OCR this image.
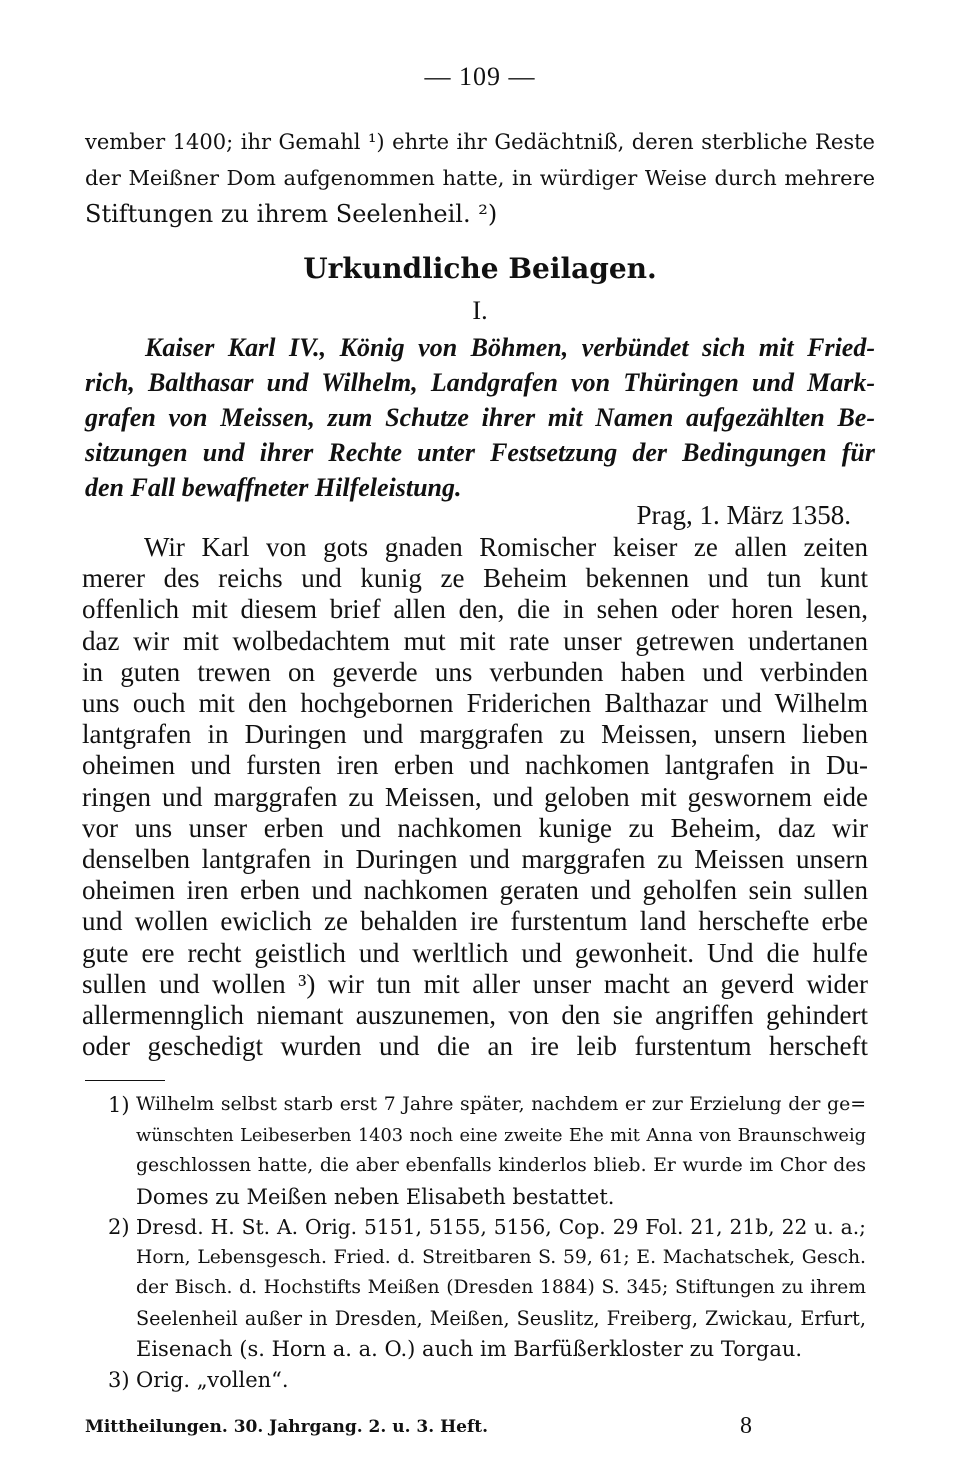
— 109 —
vember 1400; ihr Gemahl ¹) ehrte ihr Gedächtniß, deren sterbliche Reste
der Meißner Dom aufgenommen hatte, in würdiger Weise durch mehrere
Stiftungen zu ihrem Seelenheil. ²)
Urkundliche Beilagen.
I.
Kaiser Karl IV., König von Böhmen, verbündet sich mit Fried-
rich, Balthasar und Wilhelm, Landgrafen von Thüringen und Mark-
grafen von Meissen, zum Schutze ihrer mit Namen aufgezählten Be-
sitzungen und ihrer Rechte unter Festsetzung der Bedingungen für
den Fall bewaffneter Hilfeleistung.
Prag, 1. März 1358.
Wir Karl von gots gnaden Romischer keiser ze allen zeiten
merer des reichs und kunig ze Beheim bekennen und tun kunt
offenlich mit diesem brief allen den, die in sehen oder horen lesen,
daz wir mit wolbedachtem mut mit rate unser getrewen undertanen
in guten trewen on geverde uns verbunden haben und verbinden
uns ouch mit den hochgebornen Friderichen Balthazar und Wilhelm
lantgrafen in Duringen und marggrafen zu Meissen, unsern lieben
oheimen und fursten iren erben und nachkomen lantgrafen in Du-
ringen und marggrafen zu Meissen, und geloben mit geswornem eide
vor uns unser erben und nachkomen kunige zu Beheim, daz wir
denselben lantgrafen in Duringen und marggrafen zu Meissen unsern
oheimen iren erben und nachkomen geraten und geholfen sein sullen
und wollen ewiclich ze behalden ire furstentum land herschefte erbe
gute ere recht geistlich und werltlich und gewonheit. Und die hulfe
sullen und wollen ³) wir tun mit aller unser macht an geverd wider
allermennglich niemant auszunemen, von den sie angriffen gehindert
oder geschedigt wurden und die an ire leib furstentum herscheft
1) Wilhelm selbst starb erst 7 Jahre später, nachdem er zur Erzielung der ge=
wünschten Leibeserben 1403 noch eine zweite Ehe mit Anna von Braunschweig
geschlossen hatte, die aber ebenfalls kinderlos blieb. Er wurde im Chor des
Domes zu Meißen neben Elisabeth bestattet.
2) Dresd. H. St. A. Orig. 5151, 5155, 5156, Cop. 29 Fol. 21, 21b, 22 u. a.;
Horn, Lebensgesch. Fried. d. Streitbaren S. 59, 61; E. Machatschek, Gesch.
der Bisch. d. Hochstifts Meißen (Dresden 1884) S. 345; Stiftungen zu ihrem
Seelenheil außer in Dresden, Meißen, Seuslitz, Freiberg, Zwickau, Erfurt,
Eisenach (s. Horn a. a. O.) auch im Barfüßerkloster zu Torgau.
3) Orig. „vollen“.
Mittheilungen. 30. Jahrgang. 2. u. 3. Heft.	8
